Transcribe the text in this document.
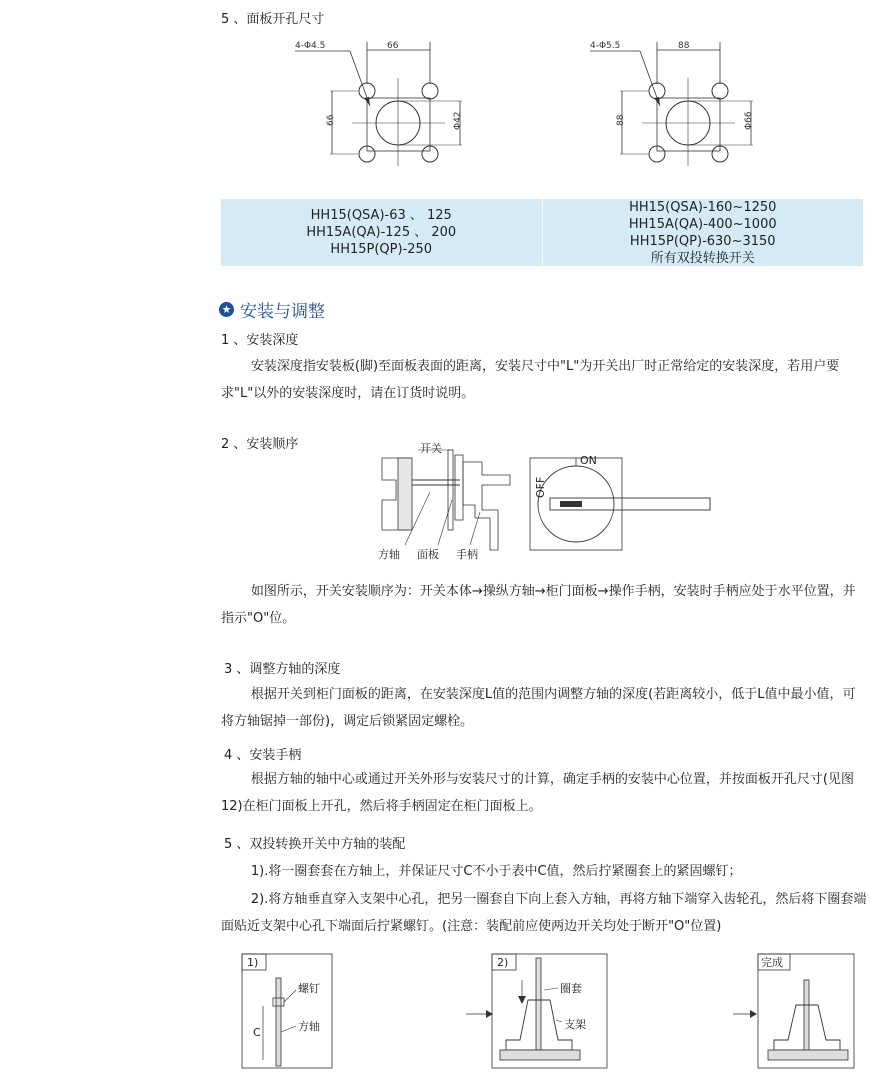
5 、面板开孔尺寸
66
4-Φ4.5
66	Φ42
88
4-Φ5.5
88	Φ66
HH15(QSA)-63 、 125
HH15A(QA)-125 、 200
HH15P(QP)-250
HH15(QSA)-160~1250
HH15A(QA)-400~1000
HH15P(QP)-630~3150
所有双投转换开关
★ 安装与调整
1 、安装深度
安装深度指安装板(脚)至面板表面的距离，安装尺寸中"L"为开关出厂时正常给定的安装深度，若用户要求"L"以外的安装深度时，请在订货时说明。
2 、安装顺序	开关
方轴 面板 手柄
ON
OFF
如图所示，开关安装顺序为：开关本体→操纵方轴→柜门面板→操作手柄，安装时手柄应处于水平位置，并指示"O"位。
3 、调整方轴的深度
根据开关到柜门面板的距离，在安装深度L值的范围内调整方轴的深度(若距离较小，低于L值中最小值，可将方轴锯掉一部份)，调定后锁紧固定螺栓。
4 、安装手柄
根据方轴的轴中心或通过开关外形与安装尺寸的计算，确定手柄的安装中心位置，并按面板开孔尺寸(见图12)在柜门面板上开孔，然后将手柄固定在柜门面板上。
5 、双投转换开关中方轴的装配
1).将一圈套套在方轴上，并保证尺寸C不小于表中C值，然后拧紧圈套上的紧固螺钉；
2).将方轴垂直穿入支架中心孔，把另一圈套自下向上套入方轴，再将方轴下端穿入齿轮孔，然后将下圈套端面贴近支架中心孔下端面后拧紧螺钉。(注意：装配前应使两边开关均处于断开"O"位置)
1)
螺钉
C	方轴
2)
圈套
支架
完成
